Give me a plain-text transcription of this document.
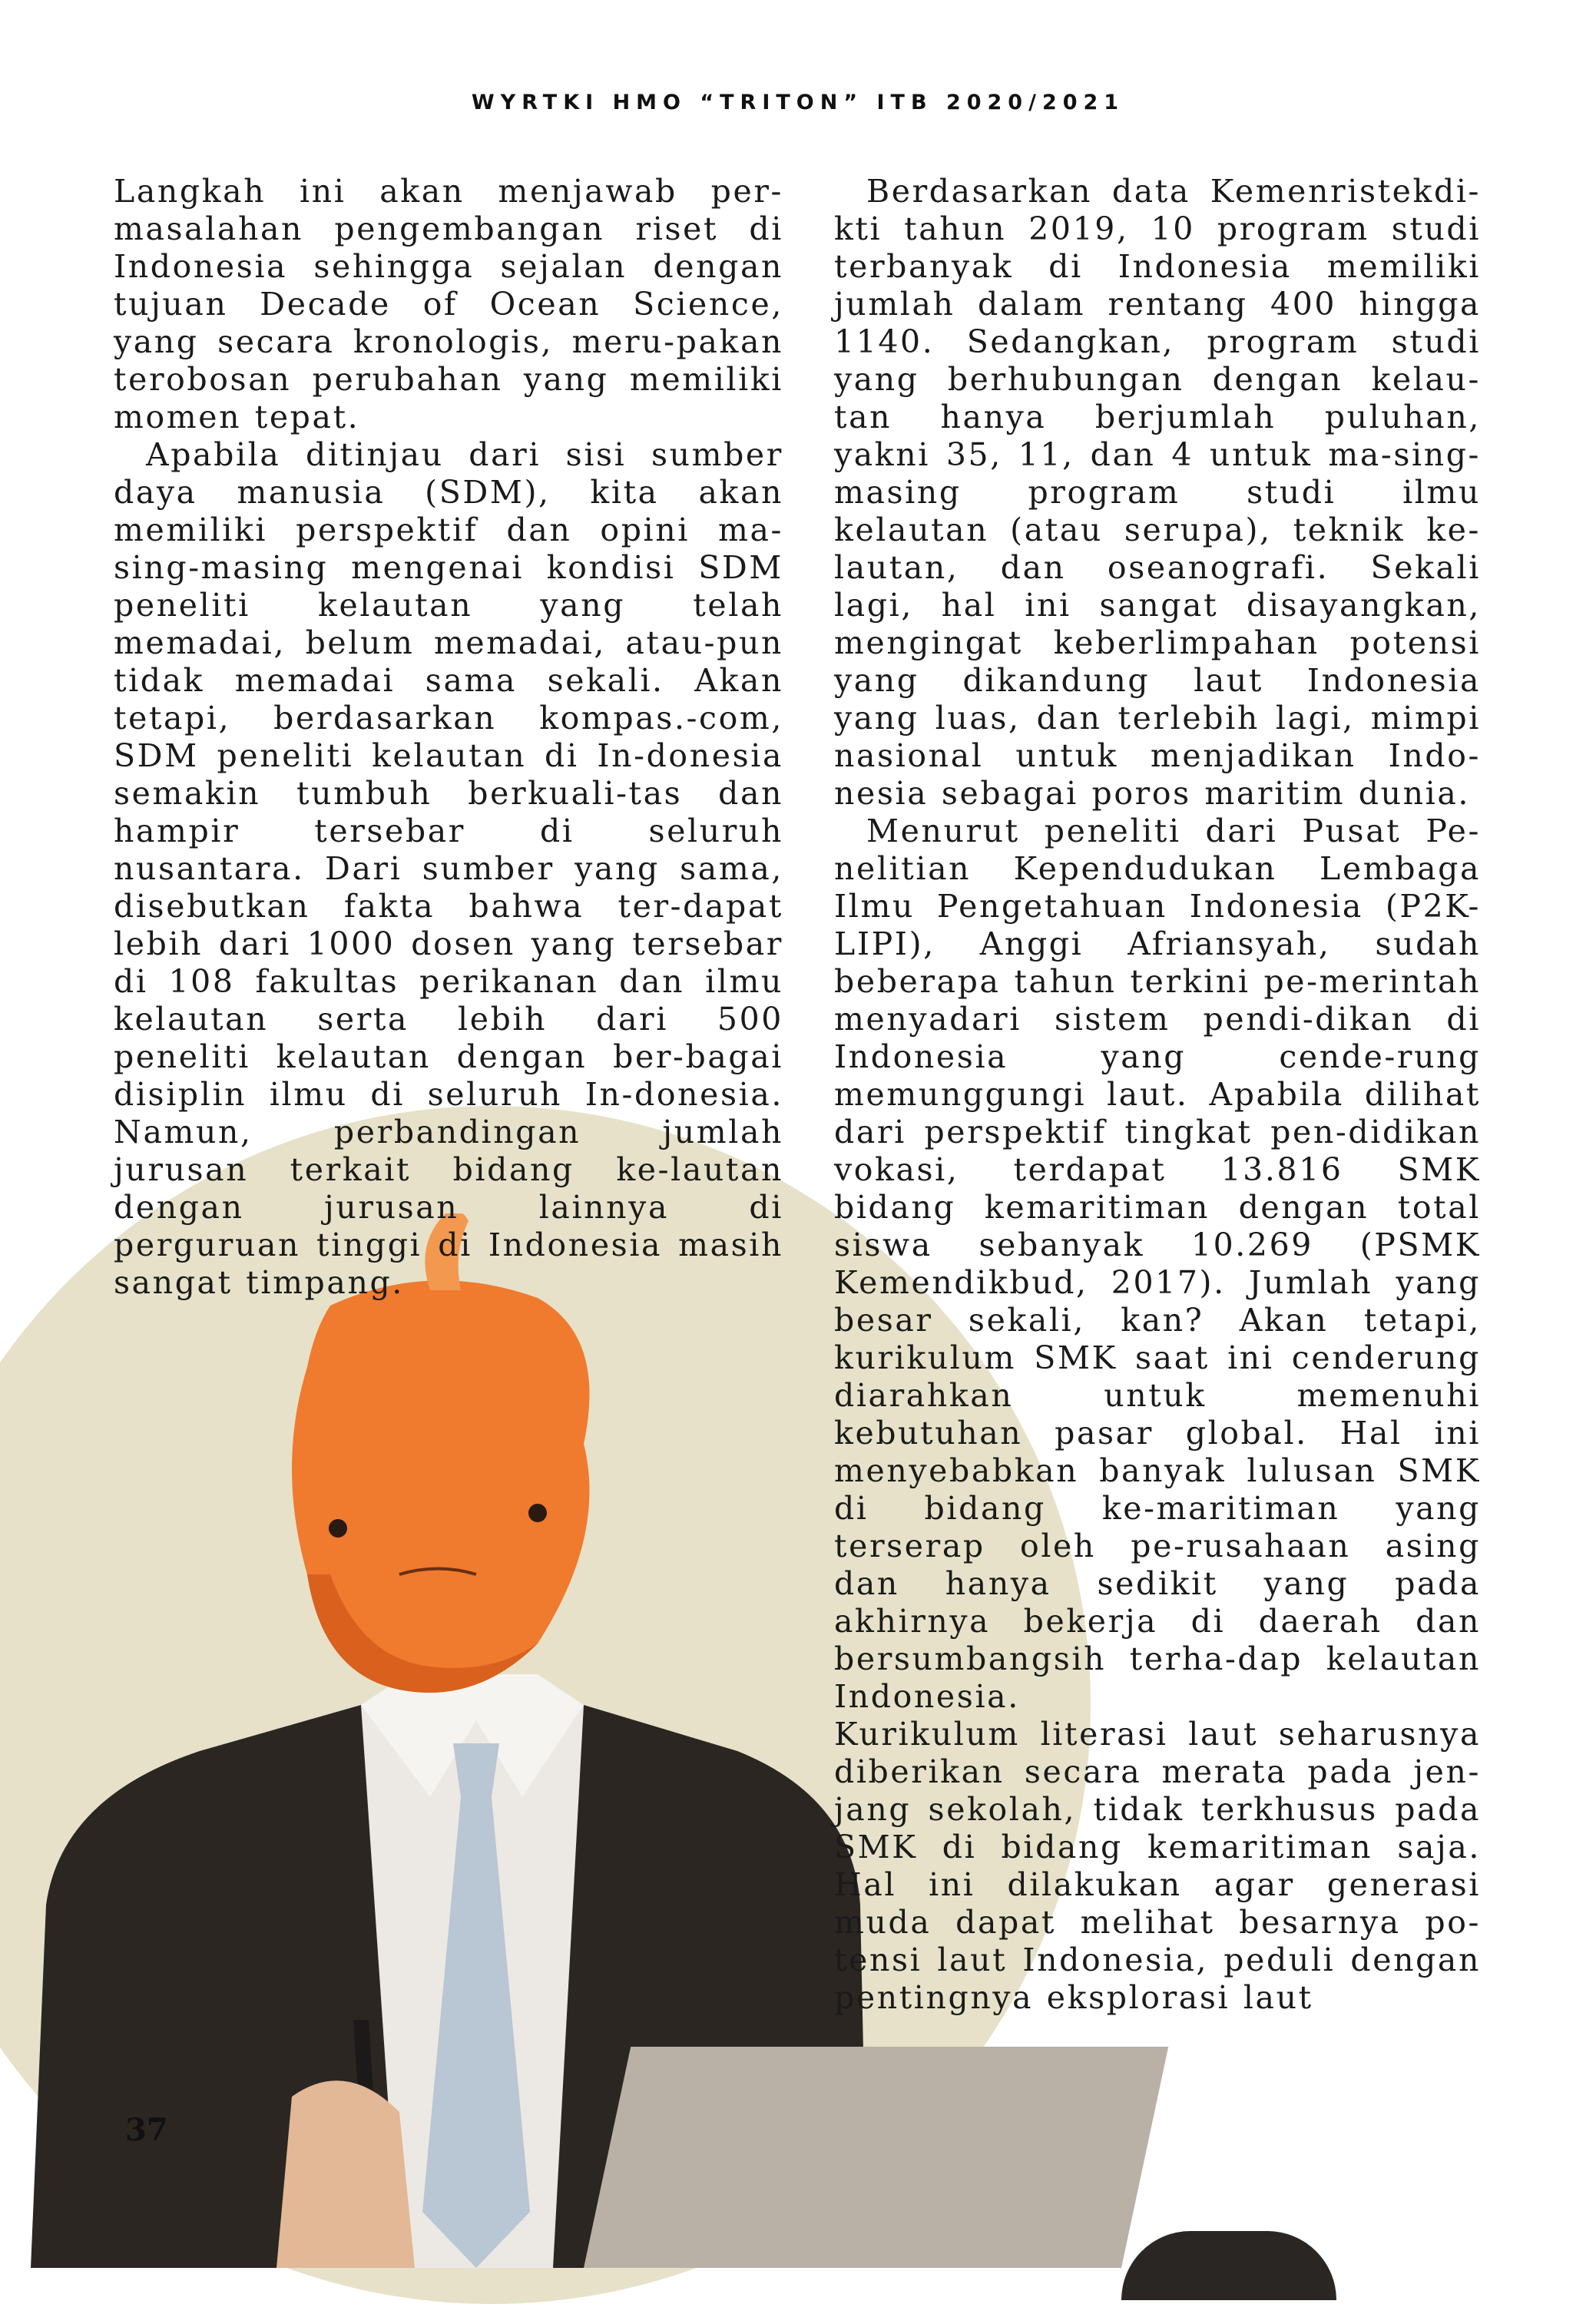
WYRTKI HMO “TRITON” ITB 2020/2021

Langkah ini akan menjawab per-masalahan pengembangan riset di Indonesia sehingga sejalan dengan tujuan Decade of Ocean Science, yang secara kronologis, meru-pakan terobosan perubahan yang memiliki momen tepat.

Apabila ditinjau dari sisi sumber daya manusia (SDM), kita akan memiliki perspektif dan opini ma-sing-masing mengenai kondisi SDM peneliti kelautan yang telah memadai, belum memadai, atau-pun tidak memadai sama sekali. Akan tetapi, berdasarkan kompas.-com, SDM peneliti kelautan di In-donesia semakin tumbuh berkuali-tas dan hampir tersebar di seluruh nusantara. Dari sumber yang sama, disebutkan fakta bahwa ter-dapat lebih dari 1000 dosen yang tersebar di 108 fakultas perikanan dan ilmu kelautan serta lebih dari 500 peneliti kelautan dengan ber-bagai disiplin ilmu di seluruh In-donesia. Namun, perbandingan jumlah jurusan terkait bidang ke-lautan dengan jurusan lainnya di perguruan tinggi di Indonesia masih sangat timpang.

Berdasarkan data Kemenristekdi-kti tahun 2019, 10 program studi terbanyak di Indonesia memiliki jumlah dalam rentang 400 hingga 1140. Sedangkan, program studi yang berhubungan dengan kelau-tan hanya berjumlah puluhan, yakni 35, 11, dan 4 untuk ma-sing-masing program studi ilmu kelautan (atau serupa), teknik ke-lautan, dan oseanografi. Sekali lagi, hal ini sangat disayangkan, mengingat keberlimpahan potensi yang dikandung laut Indonesia yang luas, dan terlebih lagi, mimpi nasional untuk menjadikan Indo-nesia sebagai poros maritim dunia.

Menurut peneliti dari Pusat Pe-nelitian Kependudukan Lembaga Ilmu Pengetahuan Indonesia (P2K-LIPI), Anggi Afriansyah, sudah beberapa tahun terkini pe-merintah menyadari sistem pendi-dikan di Indonesia yang cende-rung memunggungi laut. Apabila dilihat dari perspektif tingkat pen-didikan vokasi, terdapat 13.816 SMK bidang kemaritiman dengan total siswa sebanyak 10.269 (PSMK Kemendikbud, 2017). Jumlah yang besar sekali, kan? Akan tetapi, kurikulum SMK saat ini cenderung diarahkan untuk memenuhi kebutuhan pasar global. Hal ini menyebabkan banyak lulusan SMK di bidang ke-maritiman yang terserap oleh pe-rusahaan asing dan hanya sedikit yang pada akhirnya bekerja di daerah dan bersumbangsih terha-dap kelautan Indonesia.

Kurikulum literasi laut seharusnya diberikan secara merata pada jen-jang sekolah, tidak terkhusus pada SMK di bidang kemaritiman saja. Hal ini dilakukan agar generasi muda dapat melihat besarnya po-tensi laut Indonesia, peduli dengan pentingnya eksplorasi laut

37
